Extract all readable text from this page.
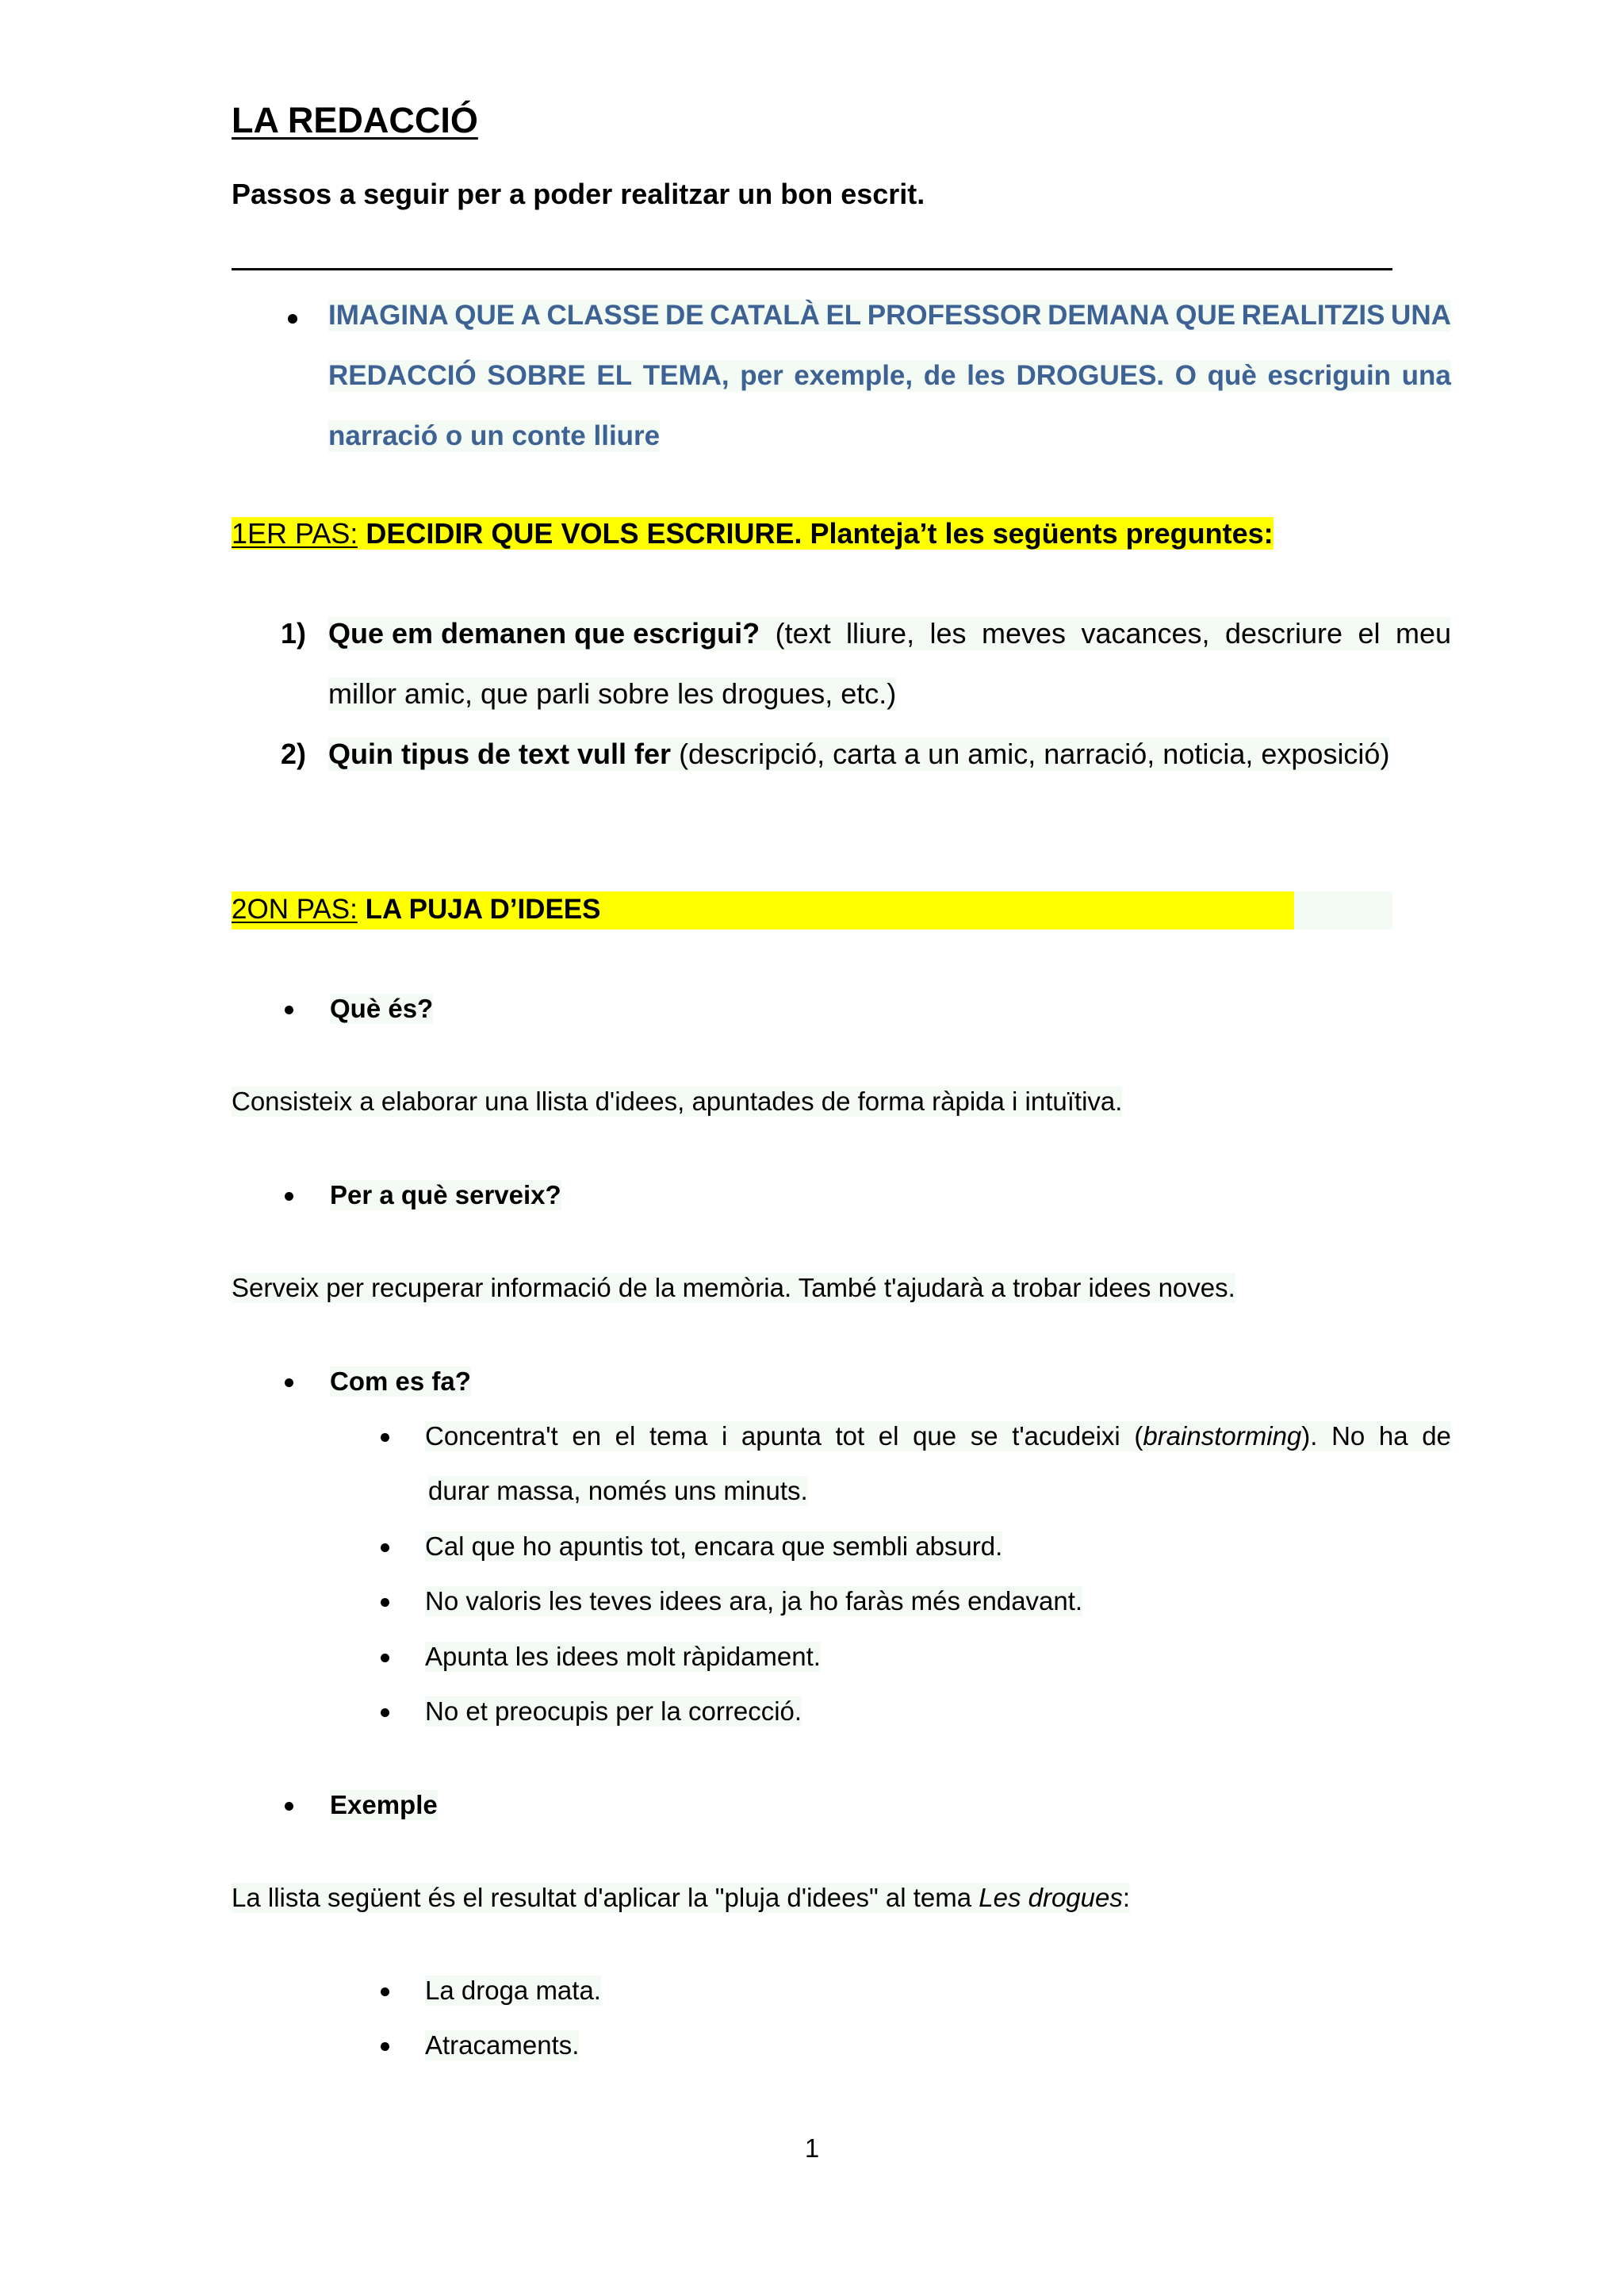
LA REDACCIÓ
Passos a seguir per a poder realitzar un bon escrit.
IMAGINA QUE A CLASSE DE CATALÀ EL PROFESSOR DEMANA QUE REALITZIS UNA
REDACCIÓ SOBRE EL TEMA, per exemple, de les DROGUES. O què escriguin una
narració o un conte lliure
1ER PAS: DECIDIR QUE VOLS ESCRIURE. Planteja’t les següents preguntes:
1) Que em demanen que escrigui? (text lliure, les meves vacances, descriure el meu
millor amic, que parli sobre les drogues, etc.)
2) Quin tipus de text vull fer (descripció, carta a un amic, narració, noticia, exposició)
2ON PAS: LA PUJA D’IDEES
Què és?
Consisteix a elaborar una llista d'idees, apuntades de forma ràpida i intuïtiva.
Per a què serveix?
Serveix per recuperar informació de la memòria. També t'ajudarà a trobar idees noves.
Com es fa?
Concentra't en el tema i apunta tot el que se t'acudeixi (brainstorming). No ha de
durar massa, només uns minuts.
Cal que ho apuntis tot, encara que sembli absurd.
No valoris les teves idees ara, ja ho faràs més endavant.
Apunta les idees molt ràpidament.
No et preocupis per la correcció.
Exemple
La llista següent és el resultat d'aplicar la "pluja d'idees" al tema Les drogues:
La droga mata.
Atracaments.
1
